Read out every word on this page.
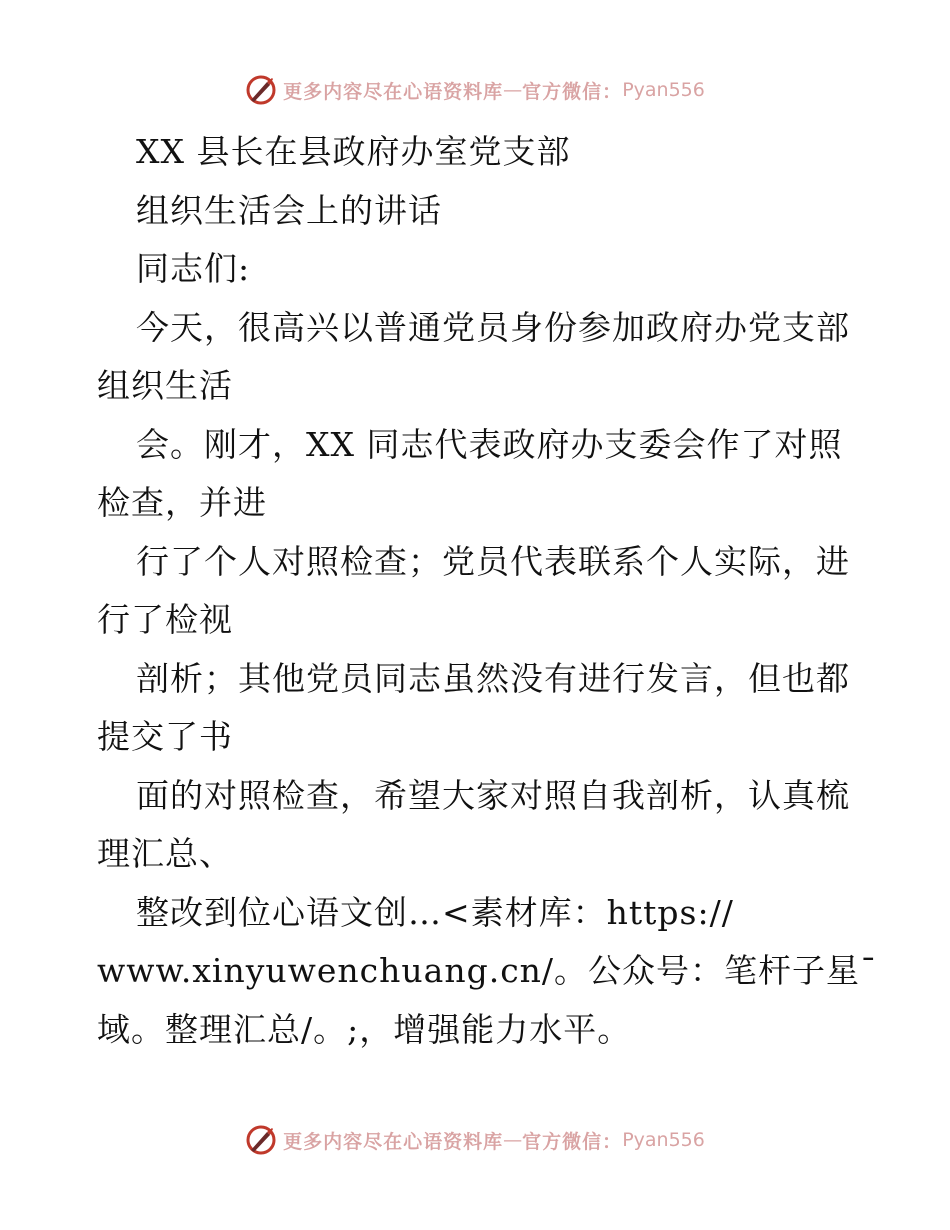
更多内容尽在心语资料库 — 官方微信： Pyan556
XX 县长在县政府办室党支部
组织生活会上的讲话
同志们:
今天，很高兴以普通党员身份参加政府办党支部
组织生活
会。刚才，XX 同志代表政府办支委会作了对照
检查，并进
行了个人对照检查；党员代表联系个人实际，进
行了检视
剖析；其他党员同志虽然没有进行发言，但也都
提交了书
面的对照检查，希望大家对照自我剖析，认真梳
理汇总、
整改到位心语文创…<素材库：https://
www.xinyuwenchuang.cn/。公众号：笔杆子星¯
域。整理汇总/。;，增强能力水平。
更多内容尽在心语资料库 — 官方微信： Pyan556
